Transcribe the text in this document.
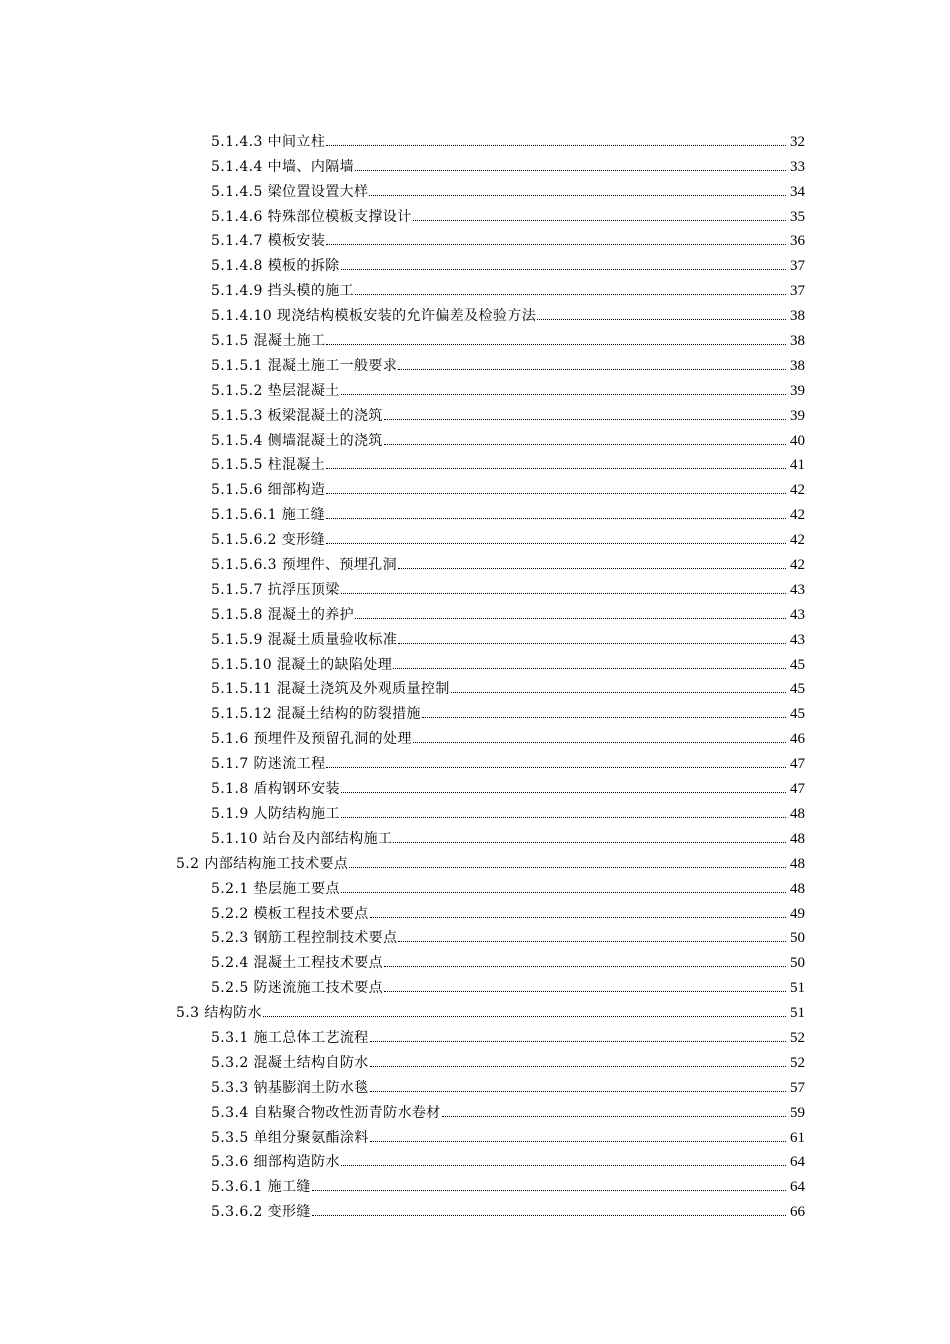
5.1.4.3 中间立柱	32
5.1.4.4 中墙、内隔墙	33
5.1.4.5 梁位置设置大样	34
5.1.4.6 特殊部位模板支撑设计	35
5.1.4.7 模板安装	36
5.1.4.8 模板的拆除	37
5.1.4.9 挡头模的施工	37
5.1.4.10 现浇结构模板安装的允许偏差及检验方法	38
5.1.5 混凝土施工	38
5.1.5.1 混凝土施工一般要求	38
5.1.5.2 垫层混凝土	39
5.1.5.3 板梁混凝土的浇筑	39
5.1.5.4 侧墙混凝土的浇筑	40
5.1.5.5 柱混凝土	41
5.1.5.6 细部构造	42
5.1.5.6.1 施工缝	42
5.1.5.6.2 变形缝	42
5.1.5.6.3 预埋件、预埋孔洞	42
5.1.5.7 抗浮压顶梁	43
5.1.5.8 混凝土的养护	43
5.1.5.9 混凝土质量验收标准	43
5.1.5.10 混凝土的缺陷处理	45
5.1.5.11 混凝土浇筑及外观质量控制	45
5.1.5.12 混凝土结构的防裂措施	45
5.1.6 预埋件及预留孔洞的处理	46
5.1.7 防迷流工程	47
5.1.8 盾构钢环安装	47
5.1.9 人防结构施工	48
5.1.10 站台及内部结构施工	48
5.2 内部结构施工技术要点	48
5.2.1 垫层施工要点	48
5.2.2 模板工程技术要点	49
5.2.3 钢筋工程控制技术要点	50
5.2.4 混凝土工程技术要点	50
5.2.5 防迷流施工技术要点	51
5.3 结构防水	51
5.3.1 施工总体工艺流程	52
5.3.2 混凝土结构自防水	52
5.3.3 钠基膨润土防水毯	57
5.3.4 自粘聚合物改性沥青防水卷材	59
5.3.5 单组分聚氨酯涂料	61
5.3.6 细部构造防水	64
5.3.6.1 施工缝	64
5.3.6.2 变形缝	66
